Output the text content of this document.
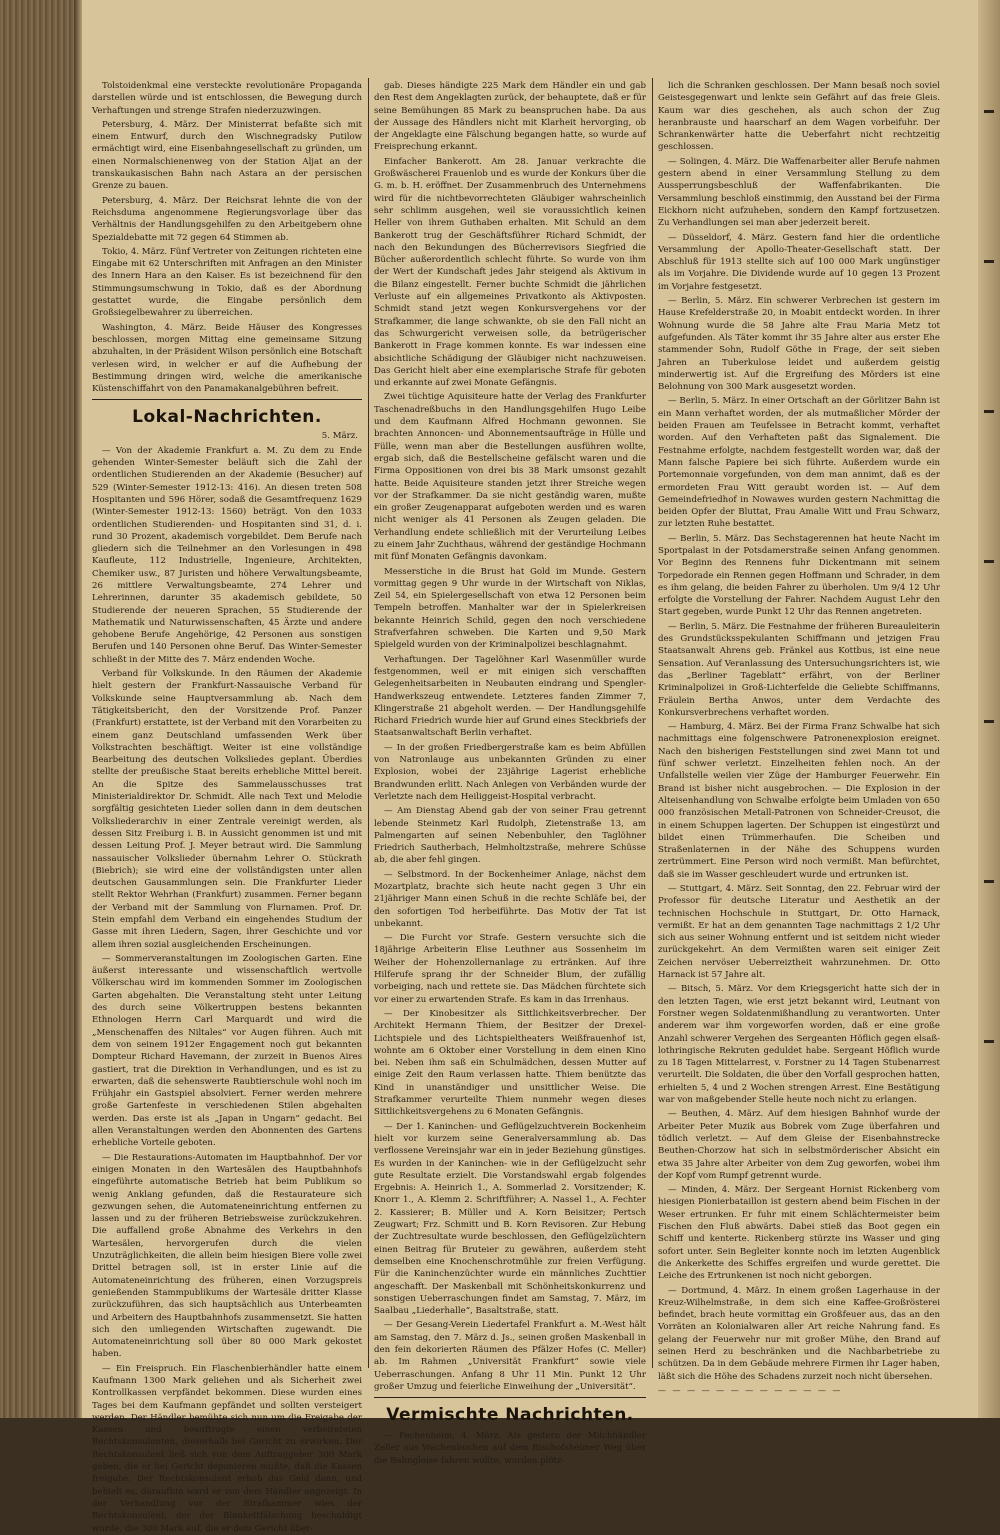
Tolstoidenkmal eine versteckte revolutionäre Propaganda darstellen würde und ist entschlossen, die Bewegung durch Verhaftungen und strenge Strafen niederzuzwingen.

Petersburg, 4. März. Der Ministerrat befaßte sich mit einem Entwurf, durch den Wischnegradsky Putilow ermächtigt wird, eine Eisenbahngesellschaft zu gründen, um einen Normalschienenweg von der Station Aljat an der transkaukasischen Bahn nach Astara an der persischen Grenze zu bauen.

Petersburg, 4. März. Der Reichsrat lehnte die von der Reichsduma angenommene Regierungsvorlage über das Verhältnis der Handlungsgehilfen zu den Arbeitgebern ohne Spezialdebatte mit 72 gegen 64 Stimmen ab.

Tokio, 4. März. Fünf Vertreter von Zeitungen richteten eine Eingabe mit 62 Unterschriften mit Anfragen an den Minister des Innern Hara an den Kaiser. Es ist bezeichnend für den Stimmungsumschwung in Tokio, daß es der Abordnung gestattet wurde, die Eingabe persönlich dem Großsiegelbewahrer zu überreichen.

Washington, 4. März. Beide Häuser des Kongresses beschlossen, morgen Mittag eine gemeinsame Sitzung abzuhalten, in der Präsident Wilson persönlich eine Botschaft verlesen wird, in welcher er auf die Aufhebung der Bestimmung dringen wird, welche die amerikanische Küstenschiffahrt von den Panamakanalgebühren befreit.

Lokal-Nachrichten.
5. März.

— Von der Akademie Frankfurt a. M. Zu dem zu Ende gehenden Winter-Semester beläuft sich die Zahl der ordentlichen Studierenden an der Akademie (Besucher) auf 529 (Winter-Semester 1912-13: 416). An diesen treten 508 Hospitanten und 596 Hörer, sodaß die Gesamtfrequenz 1629 (Winter-Semester 1912-13: 1560) beträgt. Von den 1033 ordentlichen Studierenden- und Hospitanten sind 31, d. i. rund 30 Prozent, akademisch vorgebildet. Dem Berufe nach gliedern sich die Teilnehmer an den Vorlesungen in 498 Kaufleute, 112 Industrielle, Ingenieure, Architekten, Chemiker usw., 87 Juristen und höhere Verwaltungsbeamte, 26 mittlere Verwaltungsbeamte, 274 Lehrer und Lehrerinnen, darunter 35 akademisch gebildete, 50 Studierende der neueren Sprachen, 55 Studierende der Mathematik und Naturwissenschaften, 45 Ärzte und andere gehobene Berufe Angehörige, 42 Personen aus sonstigen Berufen und 140 Personen ohne Beruf. Das Winter-Semester schließt in der Mitte des 7. März endenden Woche.

Verband für Volkskunde. In den Räumen der Akademie hielt gestern der Frankfurt-Nassauische Verband für Volkskunde seine Hauptversammlung ab. Nach dem Tätigkeitsbericht, den der Vorsitzende Prof. Panzer (Frankfurt) erstattete, ist der Verband mit den Vorarbeiten zu einem ganz Deutschland umfassenden Werk über Volkstrachten beschäftigt. Weiter ist eine vollständige Bearbeitung des deutschen Volksliedes geplant. Überdies stellte der preußische Staat bereits erhebliche Mittel bereit. An die Spitze des Sammelausschusses trat Ministerialdirektor Dr. Schmidt. Alle nach Text und Melodie sorgfältig gesichteten Lieder sollen dann in dem deutschen Volksliederarchiv in einer Zentrale vereinigt werden, als dessen Sitz Freiburg i. B. in Aussicht genommen ist und mit dessen Leitung Prof. J. Meyer betraut wird. Die Sammlung nassauischer Volkslieder übernahm Lehrer O. Stückrath (Biebrich); sie wird eine der vollständigsten unter allen deutschen Gausammlungen sein. Die Frankfurter Lieder stellt Rektor Wehrhan (Frankfurt) zusammen. Ferner begann der Verband mit der Sammlung von Flurnamen. Prof. Dr. Stein empfahl dem Verband ein eingehendes Studium der Gasse mit ihren Liedern, Sagen, ihrer Geschichte und vor allem ihren sozial ausgleichenden Erscheinungen.

— Sommerveranstaltungen im Zoologischen Garten. Eine äußerst interessante und wissenschaftlich wertvolle Völkerschau wird im kommenden Sommer im Zoologischen Garten abgehalten. Die Veranstaltung steht unter Leitung des durch seine Völkertruppen bestens bekannten Ethnologen Herrn Carl Marquardt und wird die „Menschenaffen des Niltales“ vor Augen führen. Auch mit dem von seinem 1912er Engagement noch gut bekannten Dompteur Richard Havemann, der zurzeit in Buenos Aires gastiert, trat die Direktion in Verhandlungen, und es ist zu erwarten, daß die sehenswerte Raubtierschule wohl noch im Frühjahr ein Gastspiel absolviert. Ferner werden mehrere große Gartenfeste in verschiedenen Stilen abgehalten werden. Das erste ist als „Japan in Ungarn“ gedacht. Bei allen Veranstaltungen werden den Abonnenten des Gartens erhebliche Vorteile geboten.

— Die Restaurations-Automaten im Hauptbahnhof. Der vor einigen Monaten in den Wartesälen des Hauptbahnhofs eingeführte automatische Betrieb hat beim Publikum so wenig Anklang gefunden, daß die Restaurateure sich gezwungen sehen, die Automateneinrichtung entfernen zu lassen und zu der früheren Betriebsweise zurückzukehren. Die auffallend große Abnahme des Verkehrs in den Wartesälen, hervorgerufen durch die vielen Unzuträglichkeiten, die allein beim hiesigen Biere volle zwei Drittel betragen soll, ist in erster Linie auf die Automateneinrichtung des früheren, einen Vorzugspreis genießenden Stammpublikums der Wartesäle dritter Klasse zurückzuführen, das sich hauptsächlich aus Unterbeamten und Arbeitern des Hauptbahnhofs zusammensetzt. Sie hatten sich den umliegenden Wirtschaften zugewandt. Die Automateneinrichtung soll über 80 000 Mark gekostet haben.

— Ein Freispruch. Ein Flaschenbierhändler hatte einem Kaufmann 1300 Mark geliehen und als Sicherheit zwei Kontrollkassen verpfändet bekommen. Diese wurden eines Tages bei dem Kaufmann gepfändet und sollten versteigert werden. Der Händler bemühte sich nun um die Freigabe der Kassen und beauftragte einen verbeirateten Rechtskonsulenten, dieserhalb bei Gericht zu erwirken. Der Rechtskonsulent ließ sich von dem Auftraggeber 300 Mark geben, die er bei Gericht deponieren mußte, daß die Kassen freigabe. Der Rechtskonsulent erhob das Geld dann, und behielt es, daraufhin ward er von dem Händler angezeigt. In der Verhandlung vor der Strafkammer wies der Rechtskonsulent, der der Blankettfälschung beschuldigt wurde, die 300 Mark auf, die er dem Gericht über-

gab. Dieses händigte 225 Mark dem Händler ein und gab den Rest dem Angeklagten zurück, der behauptete, daß er für seine Bemühungen 85 Mark zu beanspruchen habe. Da aus der Aussage des Händlers nicht mit Klarheit hervorging, ob der Angeklagte eine Fälschung begangen hatte, so wurde auf Freisprechung erkannt.

Einfacher Bankerott. Am 28. Januar verkrachte die Großwäscherei Frauenlob und es wurde der Konkurs über die G. m. b. H. eröffnet. Der Zusammenbruch des Unternehmens wird für die nichtbevorrechteten Gläubiger wahrscheinlich sehr schlimm ausgehen, weil sie voraussichtlich keinen Heller von ihrem Guthaben erhalten. Mit Schuld an dem Bankerott trug der Geschäftsführer Richard Schmidt, der nach den Bekundungen des Bücherrevisors Siegfried die Bücher außerordentlich schlecht führte. So wurde von ihm der Wert der Kundschaft jedes Jahr steigend als Aktivum in die Bilanz eingestellt. Ferner buchte Schmidt die jährlichen Verluste auf ein allgemeines Privatkonto als Aktivposten. Schmidt stand jetzt wegen Konkursvergehens vor der Strafkammer, die lange schwankte, ob sie den Fall nicht an das Schwurgericht verweisen solle, da betrügerischer Bankerott in Frage kommen konnte. Es war indessen eine absichtliche Schädigung der Gläubiger nicht nachzuweisen. Das Gericht hielt aber eine exemplarische Strafe für geboten und erkannte auf zwei Monate Gefängnis.

Zwei tüchtige Aquisiteure hatte der Verlag des Frankfurter Taschenadreßbuchs in den Handlungsgehilfen Hugo Leibe und dem Kaufmann Alfred Hochmann gewonnen. Sie brachten Annoncen- und Abonnementsaufträge in Hülle und Fülle, wenn man aber die Bestellungen ausführen wollte, ergab sich, daß die Bestellscheine gefälscht waren und die Firma Oppositionen von drei bis 38 Mark umsonst gezahlt hatte. Beide Aquisiteure standen jetzt ihrer Streiche wegen vor der Strafkammer. Da sie nicht geständig waren, mußte ein großer Zeugenapparat aufgeboten werden und es waren nicht weniger als 41 Personen als Zeugen geladen. Die Verhandlung endete schließlich mit der Verurteilung Leibes zu einem Jahr Zuchthaus, während der geständige Hochmann mit fünf Monaten Gefängnis davonkam.

Messerstiche in die Brust hat Gold im Munde. Gestern vormittag gegen 9 Uhr wurde in der Wirtschaft von Niklas, Zeil 54, ein Spielergesellschaft von etwa 12 Personen beim Tempeln betroffen. Manhalter war der in Spielerkreisen bekannte Heinrich Schild, gegen den noch verschiedene Strafverfahren schweben. Die Karten und 9,50 Mark Spielgeld wurden von der Kriminalpolizei beschlagnahmt.

Verhaftungen. Der Tagelöhner Karl Wasenmüller wurde festgenommen, weil er mit einigen sich verschafften Gelegenheitsarbeiten in Neubauten eindrang und Spengler-Handwerkszeug entwendete. Letzteres fanden Zimmer 7, Klingerstraße 21 abgeholt werden. — Der Handlungsgehilfe Richard Friedrich wurde hier auf Grund eines Steckbriefs der Staatsanwaltschaft Berlin verhaftet.

— In der großen Friedbergerstraße kam es beim Abfüllen von Natronlauge aus unbekannten Gründen zu einer Explosion, wobei der 23jährige Lagerist erhebliche Brandwunden erlitt. Nach Anlegen von Verbänden wurde der Verletzte nach dem Heiliggeist-Hospital verbracht.

— Am Dienstag Abend gab der von seiner Frau getrennt lebende Steinmetz Karl Rudolph, Zietenstraße 13, am Palmengarten auf seinen Nebenbuhler, den Taglöhner Friedrich Sautherbach, Helmholtzstraße, mehrere Schüsse ab, die aber fehl gingen.

— Selbstmord. In der Bockenheimer Anlage, nächst dem Mozartplatz, brachte sich heute nacht gegen 3 Uhr ein 21jähriger Mann einen Schuß in die rechte Schläfe bei, der den sofortigen Tod herbeiführte. Das Motiv der Tat ist unbekannt.

— Die Furcht vor Strafe. Gestern versuchte sich die 18jährige Arbeiterin Elise Leuthner aus Sossenheim im Weiher der Hohenzollernanlage zu ertränken. Auf ihre Hilferufe sprang ihr der Schneider Blum, der zufällig vorbeiging, nach und rettete sie. Das Mädchen fürchtete sich vor einer zu erwartenden Strafe. Es kam in das Irrenhaus.

— Der Kinobesitzer als Sittlichkeitsverbrecher. Der Architekt Hermann Thiem, der Besitzer der Drexel-Lichtspiele und des Lichtspieltheaters Weißfrauenhof ist, wohnte am 6 Oktober einer Vorstellung in dem einen Kino bei. Neben ihm saß ein Schulmädchen, dessen Mutter auf einige Zeit den Raum verlassen hatte. Thiem benützte das Kind in unanständiger und unsittlicher Weise. Die Strafkammer verurteilte Thiem nunmehr wegen dieses Sittlichkeitsvergehens zu 6 Monaten Gefängnis.

— Der 1. Kaninchen- und Geflügelzuchtverein Bockenheim hielt vor kurzem seine Generalversammlung ab. Das verflossene Vereinsjahr war ein in jeder Beziehung günstiges. Es wurden in der Kaninchen- wie in der Geflügelzucht sehr gute Resultate erzielt. Die Vorstandswahl ergab folgendes Ergebnis: A. Heinrich 1., A. Sommerlad 2. Vorsitzender; K. Knorr 1., A. Klemm 2. Schriftführer; A. Nassel 1., A. Fechter 2. Kassierer; B. Müller und A. Korn Beisitzer; Pertsch Zeugwart; Frz. Schmitt und B. Korn Revisoren. Zur Hebung der Zuchtresultate wurde beschlossen, den Geflügelzüchtern einen Beitrag für Bruteier zu gewähren, außerdem steht demselben eine Knochenschrotmühle zur freien Verfügung. Für die Kaninchenzüchter wurde ein männliches Zuchttier angeschafft. Der Maskenball mit Schönheitskonkurrenz und sonstigen Ueberraschungen findet am Samstag, 7. März, im Saalbau „Liederhalle“, Basaltstraße, statt.

— Der Gesang-Verein Liedertafel Frankfurt a. M.-West hält am Samstag, den 7. März d. Js., seinen großen Maskenball in den fein dekorierten Räumen des Pfälzer Hofes (C. Meller) ab. Im Rahmen „Universität Frankfurt“ sowie viele Ueberraschungen. Anfang 8 Uhr 11 Min. Punkt 12 Uhr großer Umzug und feierliche Einweihung der „Universität“.

Vermischte Nachrichten.

— Fechenheim, 4. März. Als gestern der Milchhändler Zeller aus Wachenbuchen auf dem Bischofsheimer Weg über die Bahngleise fahren wollte, wurden plötz-

lich die Schranken geschlossen. Der Mann besaß noch soviel Geistesgegenwart und lenkte sein Gefährt auf das freie Gleis. Kaum war dies geschehen, als auch schon der Zug heranbrauste und haarscharf an dem Wagen vorbeifuhr. Der Schrankenwärter hatte die Ueberfahrt nicht rechtzeitig geschlossen.

— Solingen, 4. März. Die Waffenarbeiter aller Berufe nahmen gestern abend in einer Versammlung Stellung zu dem Aussperrungsbeschluß der Waffenfabrikanten. Die Versammlung beschloß einstimmig, den Ausstand bei der Firma Eickhorn nicht aufzuheben, sondern den Kampf fortzusetzen. Zu Verhandlungen sei man aber jederzeit bereit.

— Düsseldorf, 4. März. Gestern fand hier die ordentliche Versammlung der Apollo-Theater-Gesellschaft statt. Der Abschluß für 1913 stellte sich auf 100 000 Mark ungünstiger als im Vorjahre. Die Dividende wurde auf 10 gegen 13 Prozent im Vorjahre festgesetzt.

— Berlin, 5. März. Ein schwerer Verbrechen ist gestern im Hause Krefelderstraße 20, in Moabit entdeckt worden. In ihrer Wohnung wurde die 58 Jahre alte Frau Maria Metz tot aufgefunden. Als Täter kommt ihr 35 Jahre alter aus erster Ehe stammender Sohn, Rudolf Göthe in Frage, der seit sieben Jahren an Tuberkulose leidet und außerdem geistig minderwertig ist. Auf die Ergreifung des Mörders ist eine Belohnung von 300 Mark ausgesetzt worden.

— Berlin, 5. März. In einer Ortschaft an der Görlitzer Bahn ist ein Mann verhaftet worden, der als mutmaßlicher Mörder der beiden Frauen am Teufelssee in Betracht kommt, verhaftet worden. Auf den Verhafteten paßt das Signalement. Die Festnahme erfolgte, nachdem festgestellt worden war, daß der Mann falsche Papiere bei sich führte. Außerdem wurde ein Portemonnaie vorgefunden, von dem man annimt, daß es der ermordeten Frau Witt geraubt worden ist. — Auf dem Gemeindefriedhof in Nowawes wurden gestern Nachmittag die beiden Opfer der Bluttat, Frau Amalie Witt und Frau Schwarz, zur letzten Ruhe bestattet.

— Berlin, 5. März. Das Sechstagerennen hat heute Nacht im Sportpalast in der Potsdamerstraße seinen Anfang genommen. Vor Beginn des Rennens fuhr Dickentmann mit seinem Torpedorade ein Rennen gegen Hoffmann und Schrader, in dem es ihm gelang, die beiden Fahrer zu überholen. Um 9/4 12 Uhr erfolgte die Vorstellung der Fahrer. Nachdem August Lehr den Start gegeben, wurde Punkt 12 Uhr das Rennen angetreten.

— Berlin, 5. März. Die Festnahme der früheren Bureauleiterin des Grundstücksspekulanten Schiffmann und jetzigen Frau Staatsanwalt Ahrens geb. Fränkel aus Kottbus, ist eine neue Sensation. Auf Veranlassung des Untersuchungsrichters ist, wie das „Berliner Tageblatt“ erfährt, von der Berliner Kriminalpolizei in Groß-Lichterfelde die Geliebte Schiffmanns, Fräulein Bertha Anwos, unter dem Verdachte des Konkursverbrechens verhaftet worden.

— Hamburg, 4. März. Bei der Firma Franz Schwalbe hat sich nachmittags eine folgenschwere Patronenexplosion ereignet. Nach den bisherigen Feststellungen sind zwei Mann tot und fünf schwer verletzt. Einzelheiten fehlen noch. An der Unfallstelle weilen vier Züge der Hamburger Feuerwehr. Ein Brand ist bisher nicht ausgebrochen. — Die Explosion in der Alteisenhandlung von Schwalbe erfolgte beim Umladen von 650 000 französischen Metall-Patronen von Schneider-Creusot, die in einem Schuppen lagerten. Der Schuppen ist eingestürzt und bildet einen Trümmerhaufen. Die Scheiben und Straßenlaternen in der Nähe des Schuppens wurden zertrümmert. Eine Person wird noch vermißt. Man befürchtet, daß sie im Wasser geschleudert wurde und ertrunken ist.

— Stuttgart, 4. März. Seit Sonntag, den 22. Februar wird der Professor für deutsche Literatur und Aesthetik an der technischen Hochschule in Stuttgart, Dr. Otto Harnack, vermißt. Er hat an dem genannten Tage nachmittags 2 1/2 Uhr sich aus seiner Wohnung entfernt und ist seitdem nicht wieder zurückgekehrt. An dem Vermißten waren seit einiger Zeit Zeichen nervöser Ueberreiztheit wahrzunehmen. Dr. Otto Harnack ist 57 Jahre alt.

— Bitsch, 5. März. Vor dem Kriegsgericht hatte sich der in den letzten Tagen, wie erst jetzt bekannt wird, Leutnant von Forstner wegen Soldatenmißhandlung zu verantworten. Unter anderem war ihm vorgeworfen worden, daß er eine große Anzahl schwerer Vergehen des Sergeanten Höflich gegen elsaß-lothringische Rekruten geduldet habe. Sergeant Höflich wurde zu 18 Tagen Mittelarrest, v. Forstner zu 14 Tagen Stubenarrest verurteilt. Die Soldaten, die über den Vorfall gesprochen hatten, erhielten 5, 4 und 2 Wochen strengen Arrest. Eine Bestätigung war von maßgebender Stelle heute noch nicht zu erlangen.

— Beuthen, 4. März. Auf dem hiesigen Bahnhof wurde der Arbeiter Peter Muzik aus Bobrek vom Zuge überfahren und tödlich verletzt. — Auf dem Gleise der Eisenbahnstrecke Beuthen-Chorzow hat sich in selbstmörderischer Absicht ein etwa 35 Jahre alter Arbeiter von dem Zug geworfen, wobei ihm der Kopf vom Rumpf getrennt wurde.

— Minden, 4. März. Der Sergeant Hornist Rickenberg vom hiesigen Pionierbataillon ist gestern abend beim Fischen in der Weser ertrunken. Er fuhr mit einem Schlächtermeister beim Fischen den Fluß abwärts. Dabei stieß das Boot gegen ein Schiff und kenterte. Rickenberg stürzte ins Wasser und ging sofort unter. Sein Begleiter konnte noch im letzten Augenblick die Ankerkette des Schiffes ergreifen und wurde gerettet. Die Leiche des Ertrunkenen ist noch nicht geborgen.

— Dortmund, 4. März. In einem großen Lagerhause in der Kreuz-Wilhelmstraße, in dem sich eine Kaffee-Großrösterei befindet, brach heute vormittag ein Großfeuer aus, das an den Vorräten an Kolonialwaren aller Art reiche Nahrung fand. Es gelang der Feuerwehr nur mit großer Mühe, den Brand auf seinen Herd zu beschränken und die Nachbarbetriebe zu schützen. Da in dem Gebäude mehrere Firmen ihr Lager haben, läßt sich die Höhe des Schadens zurzeit noch nicht übersehen.

— — — — — — — — — — — — —
